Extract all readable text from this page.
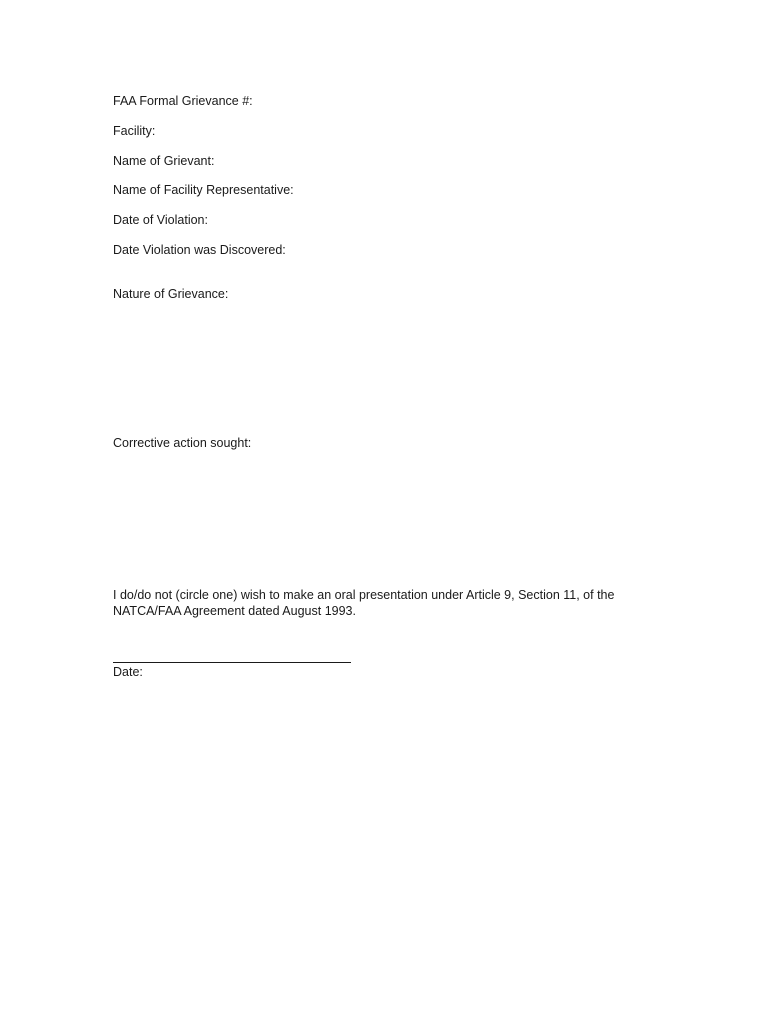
FAA Formal Grievance #:
Facility:
Name of Grievant:
Name of Facility Representative:
Date of Violation:
Date Violation was Discovered:
Nature of Grievance:
Corrective action sought:
I do/do not (circle one) wish to make an oral presentation under Article 9, Section 11, of the
NATCA/FAA Agreement dated August 1993.
Date:
